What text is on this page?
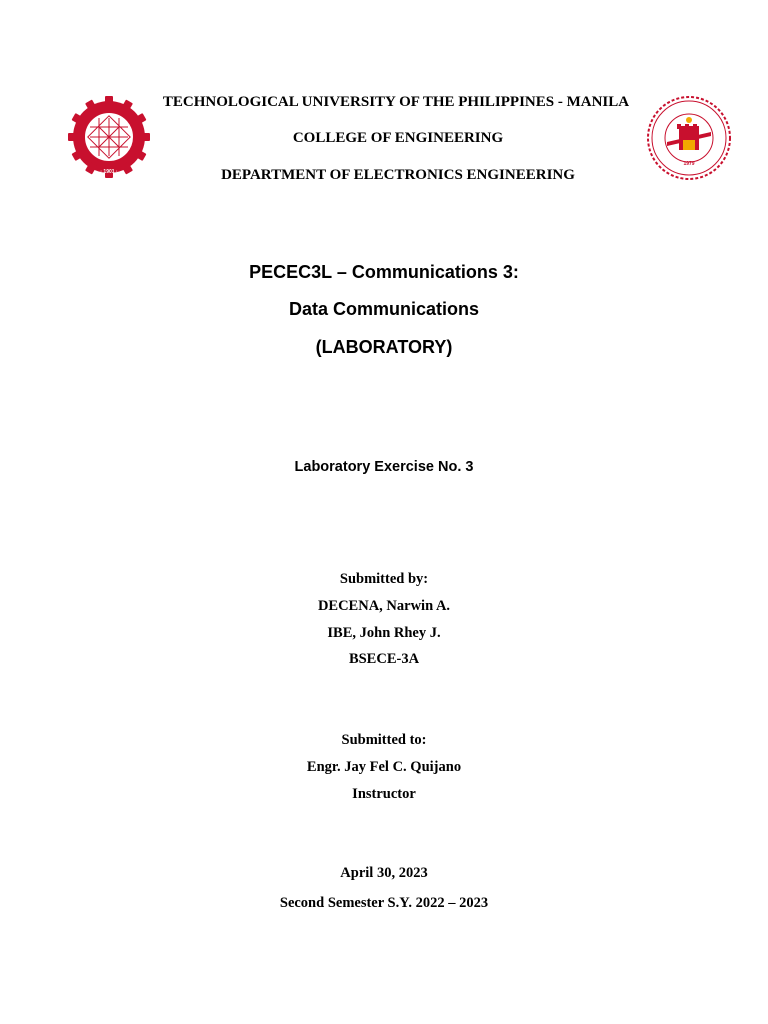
· 1901 ·
1979
TECHNOLOGICAL UNIVERSITY OF THE PHILIPPINES - MANILA
COLLEGE OF ENGINEERING
DEPARTMENT OF ELECTRONICS ENGINEERING
PECEC3L – Communications 3:
Data Communications
(LABORATORY)
Laboratory Exercise No. 3
Submitted by:
DECENA, Narwin A.
IBE, John Rhey J.
BSECE-3A
Submitted to:
Engr. Jay Fel C. Quijano
Instructor
April 30, 2023
Second Semester S.Y. 2022 – 2023
